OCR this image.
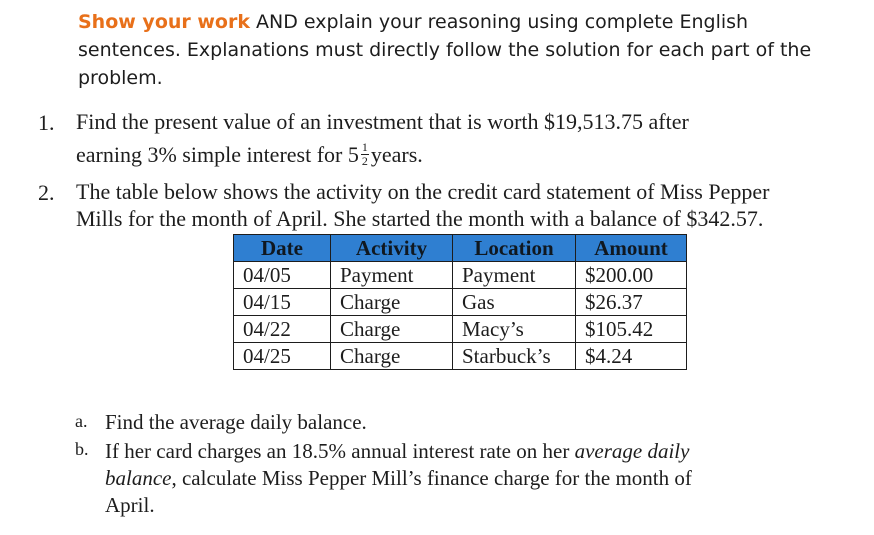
Show your work AND explain your reasoning using complete English sentences. Explanations must directly follow the solution for each part of the problem.
1. Find the present value of an investment that is worth $19,513.75 after
earning 3% simple interest for $5 \frac{1}{2}$ years.
2. The table below shows the activity on the credit card statement of Miss Pepper
Mills for the month of April. She started the month with a balance of $342.57.
Date	Activity	Location	Amount
04/05	Payment	Payment	$200.00
04/15	Charge	Gas	$26.37
04/22	Charge	Macy’s	$105.42
04/25	Charge	Starbuck’s	$4.24
a. Find the average daily balance.
b. If her card charges an 18.5% annual interest rate on her average daily
balance, calculate Miss Pepper Mill’s finance charge for the month of
April.
